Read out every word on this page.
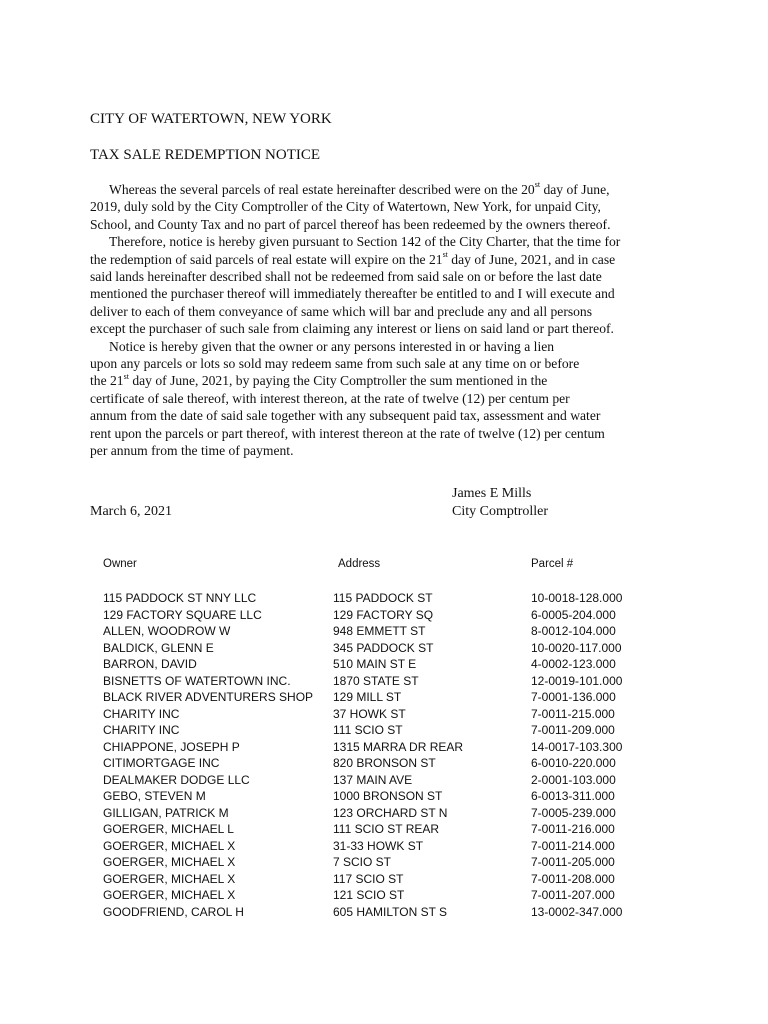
CITY OF WATERTOWN, NEW YORK
TAX SALE REDEMPTION NOTICE
Whereas the several parcels of real estate hereinafter described were on the 20st day of June,
2019, duly sold by the City Comptroller of the City of Watertown, New York, for unpaid City,
School, and County Tax and no part of parcel thereof has been redeemed by the owners thereof.
Therefore, notice is hereby given pursuant to Section 142 of the City Charter, that the time for
the redemption of said parcels of real estate will expire on the 21st day of June, 2021, and in case
said lands hereinafter described shall not be redeemed from said sale on or before the last date
mentioned the purchaser thereof will immediately thereafter be entitled to and I will execute and
deliver to each of them conveyance of same which will bar and preclude any and all persons
except the purchaser of such sale from claiming any interest or liens on said land or part thereof.
Notice is hereby given that the owner or any persons interested in or having a lien
upon any parcels or lots so sold may redeem same from such sale at any time on or before
the 21st day of June, 2021, by paying the City Comptroller the sum mentioned in the
certificate of sale thereof, with interest thereon, at the rate of twelve (12) per centum per
annum from the date of said sale together with any subsequent paid tax, assessment and water
rent upon the parcels or part thereof, with interest thereon at the rate of twelve (12) per centum
per annum from the time of payment.
James E Mills
March 6, 2021	City Comptroller
Owner	Address	Parcel #
115 PADDOCK ST NNY LLC	115 PADDOCK ST	10-0018-128.000
129 FACTORY SQUARE LLC	129 FACTORY SQ	6-0005-204.000
ALLEN, WOODROW W	948 EMMETT ST	8-0012-104.000
BALDICK, GLENN E	345 PADDOCK ST	10-0020-117.000
BARRON, DAVID	510 MAIN ST E	4-0002-123.000
BISNETTS OF WATERTOWN INC.	1870 STATE ST	12-0019-101.000
BLACK RIVER ADVENTURERS SHOP 129 MILL ST	7-0001-136.000
CHARITY INC	37 HOWK ST	7-0011-215.000
CHARITY INC	111 SCIO ST	7-0011-209.000
CHIAPPONE, JOSEPH P	1315 MARRA DR REAR	14-0017-103.300
CITIMORTGAGE INC	820 BRONSON ST	6-0010-220.000
DEALMAKER DODGE LLC	137 MAIN AVE	2-0001-103.000
GEBO, STEVEN M	1000 BRONSON ST	6-0013-311.000
GILLIGAN, PATRICK M	123 ORCHARD ST N	7-0005-239.000
GOERGER, MICHAEL L	111 SCIO ST REAR	7-0011-216.000
GOERGER, MICHAEL X	31-33 HOWK ST	7-0011-214.000
GOERGER, MICHAEL X	7 SCIO ST	7-0011-205.000
GOERGER, MICHAEL X	117 SCIO ST	7-0011-208.000
GOERGER, MICHAEL X	121 SCIO ST	7-0011-207.000
GOODFRIEND, CAROL H	605 HAMILTON ST S	13-0002-347.000
